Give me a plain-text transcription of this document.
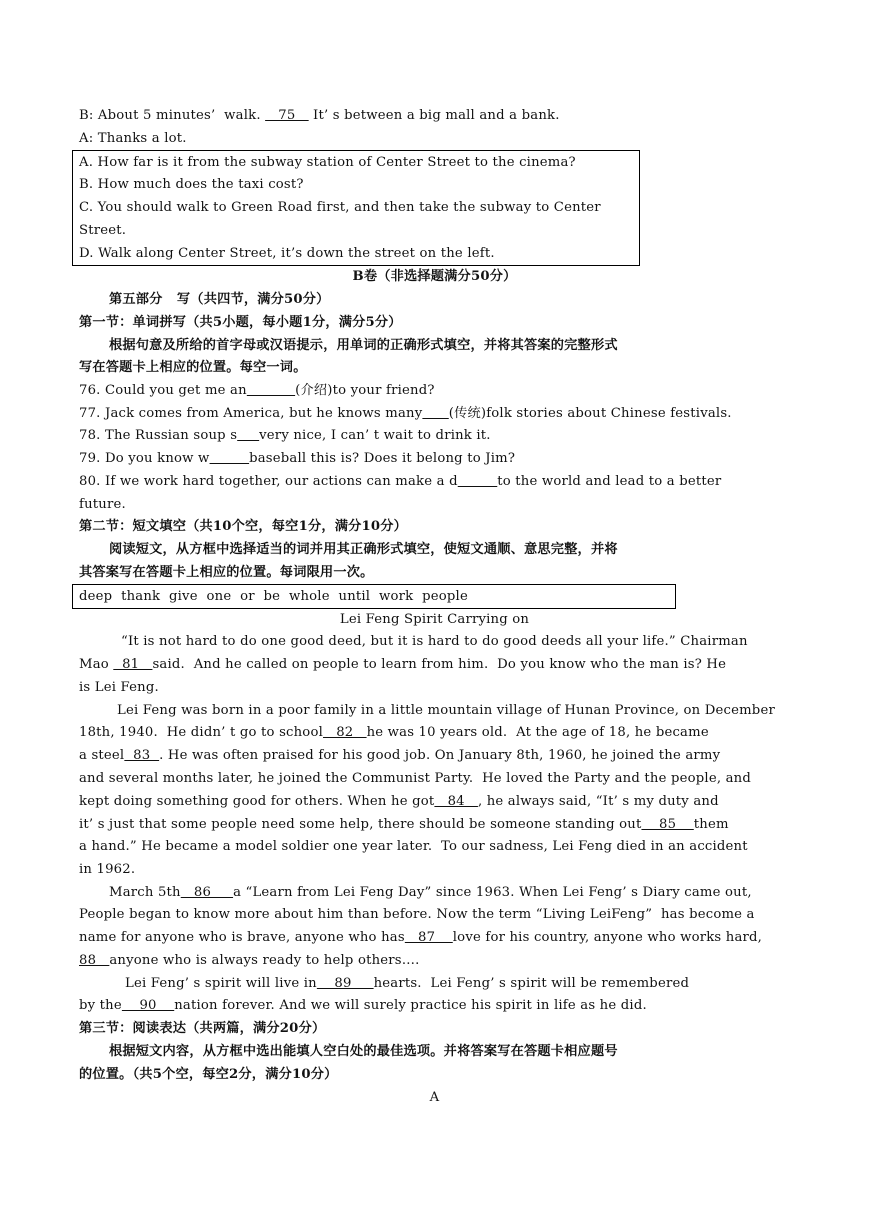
B: About 5 minutes’  walk.    75    It’ s between a big mall and a bank.
A: Thanks a lot.
A. How far is it from the subway station of Center Street to the cinema?
B. How much does the taxi cost?
C. You should walk to Green Road first, and then take the subway to Center
Street.
D. Walk along Center Street, it’s down the street on the left.
B卷（非选择题满分50分）
第五部分   写（共四节，满分50分）
第一节：单词拼写（共5小题，每小题1分，满分5分）
根据句意及所给的首字母或汉语提示，用单词的正确形式填空，并将其答案的完整形式
写在答题卡上相应的位置。每空一词。
76. Could you get me an	(介绍)to your friend?
77. Jack comes from America, but he knows many (传统)folk stories about Chinese festivals.
78. The Russian soup s very nice, I can’ t wait to drink it.
79. Do you know w	baseball this is? Does it belong to Jim?
80. If we work hard together, our actions can make a d	to the world and lead to a better
future.
第二节：短文填空（共10个空，每空1分，满分10分）
阅读短文，从方框中选择适当的词并用其正确形式填空，使短文通顺、意思完整，并将
其答案写在答题卡上相应的位置。每词限用一次。
deep  thank  give  one  or  be  whole  until  work  people
Lei Feng Spirit Carrying on
“It is not hard to do one good deed, but it is hard to do good deeds all your life.” Chairman
Mao   81   said.  And he called on people to learn from him.  Do you know who the man is? He
is Lei Feng.
Lei Feng was born in a poor family in a little mountain village of Hunan Province, on December
18th, 1940.  He didn’ t go to school   82   he was 10 years old.  At the age of 18, he became
a steel  83  . He was often praised for his good job. On January 8th, 1960, he joined the army
and several months later, he joined the Communist Party.  He loved the Party and the people, and
kept doing something good for others. When he got   84   , he always said, “It’ s my duty and
it’ s just that some people need some help, there should be someone standing out    85    them
a hand.” He became a model soldier one year later.  To our sadness, Lei Feng died in an accident
in 1962.
March 5th   86     a “Learn from Lei Feng Day” since 1963. When Lei Feng’ s Diary came out,
People began to know more about him than before. Now the term “Living LeiFeng”  has become a
name for anyone who is brave, anyone who has   87    love for his country, anyone who works hard,
88   anyone who is always ready to help others….
Lei Feng’ s spirit will live in    89     hearts.  Lei Feng’ s spirit will be remembered
by the    90    nation forever. And we will surely practice his spirit in life as he did.
第三节：阅读表达（共两篇，满分20分）
根据短文内容，从方框中选出能填人空白处的最佳选项。并将答案写在答题卡相应题号
的位置。（共5个空，每空2分，满分10分）
A
